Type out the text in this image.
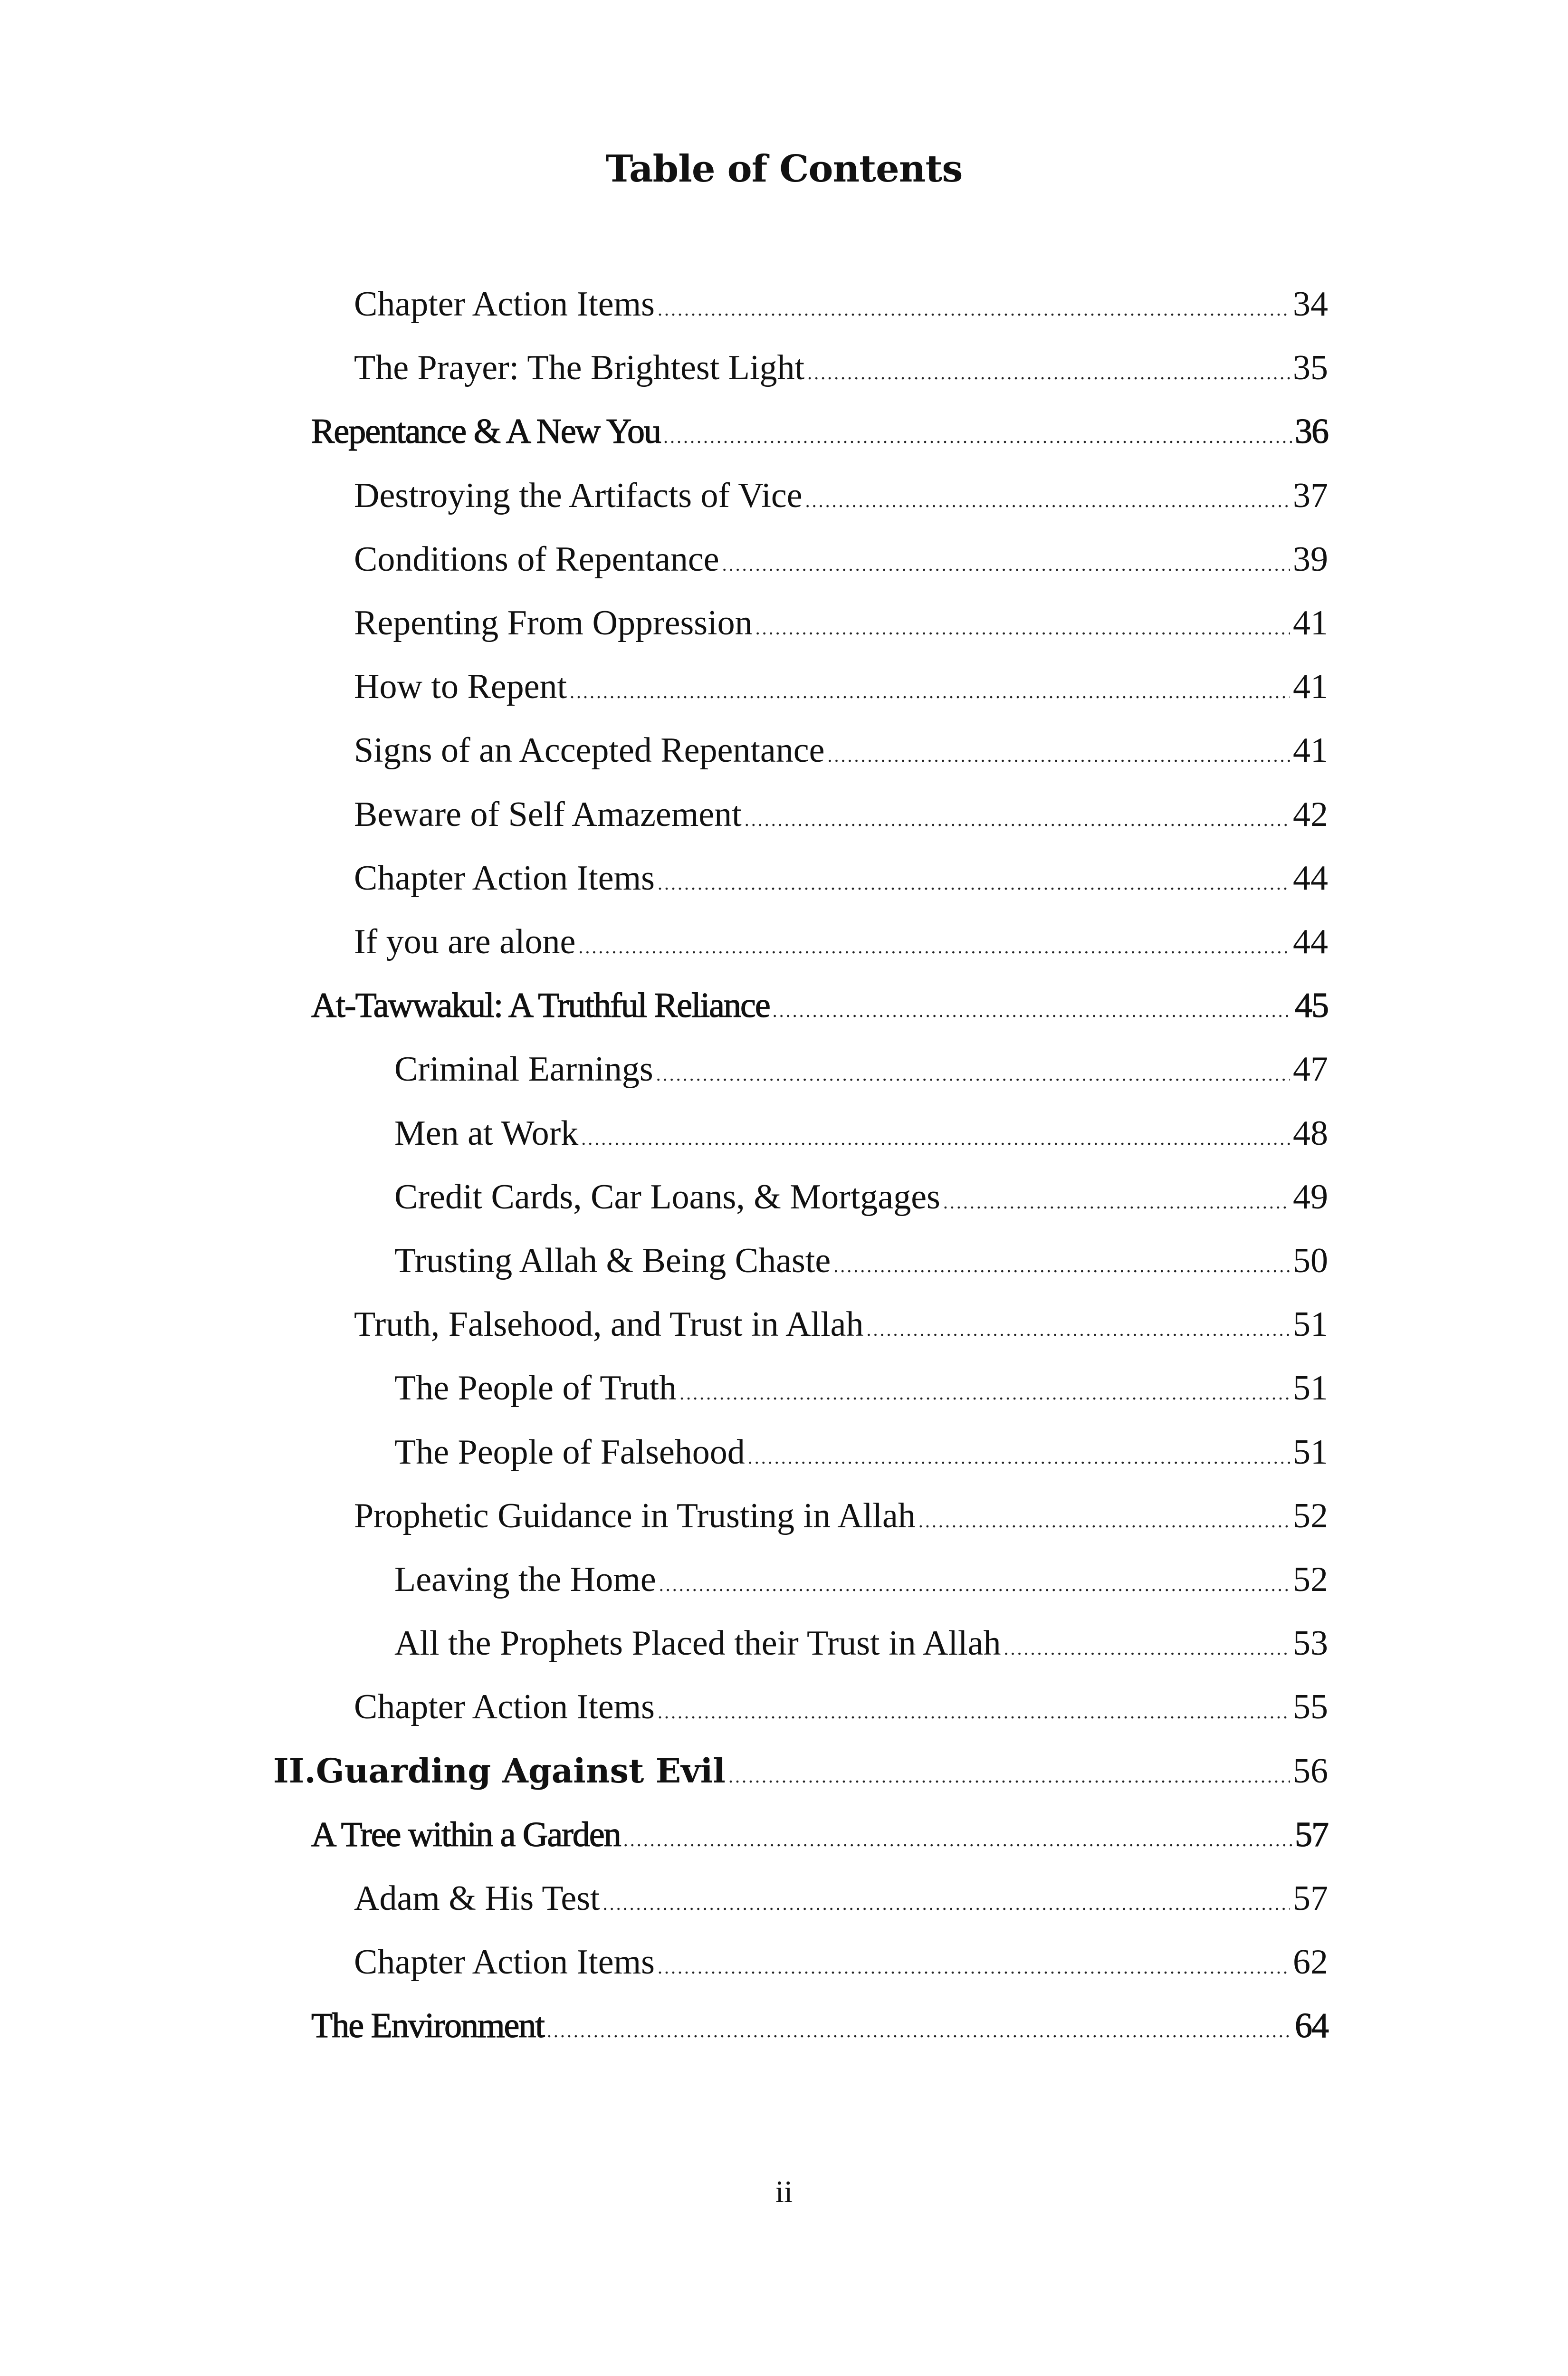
Table of Contents
Chapter Action Items .....	34
The Prayer: The Brightest Light .....	35
Repentance & A New You .....	36
Destroying the Artifacts of Vice .....	37
Conditions of Repentance .....	39
Repenting From Oppression .....	41
How to Repent .....	41
Signs of an Accepted Repentance .....	41
Beware of Self Amazement .....	42
Chapter Action Items .....	44
If you are alone .....	44
At-Tawwakul: A Truthful Reliance .....	45
Criminal Earnings .....	47
Men at Work .....	48
Credit Cards, Car Loans, & Mortgages .....	49
Trusting Allah & Being Chaste .....	50
Truth, Falsehood, and Trust in Allah .....	51
The People of Truth .....	51
The People of Falsehood .....	51
Prophetic Guidance in Trusting in Allah .....	52
Leaving the Home .....	52
All the Prophets Placed their Trust in Allah .....	53
Chapter Action Items .....	55
II. Guarding Against Evil .....	56
A Tree within a Garden .....	57
Adam & His Test .....	57
Chapter Action Items .....	62
The Environment .....	64
ii
